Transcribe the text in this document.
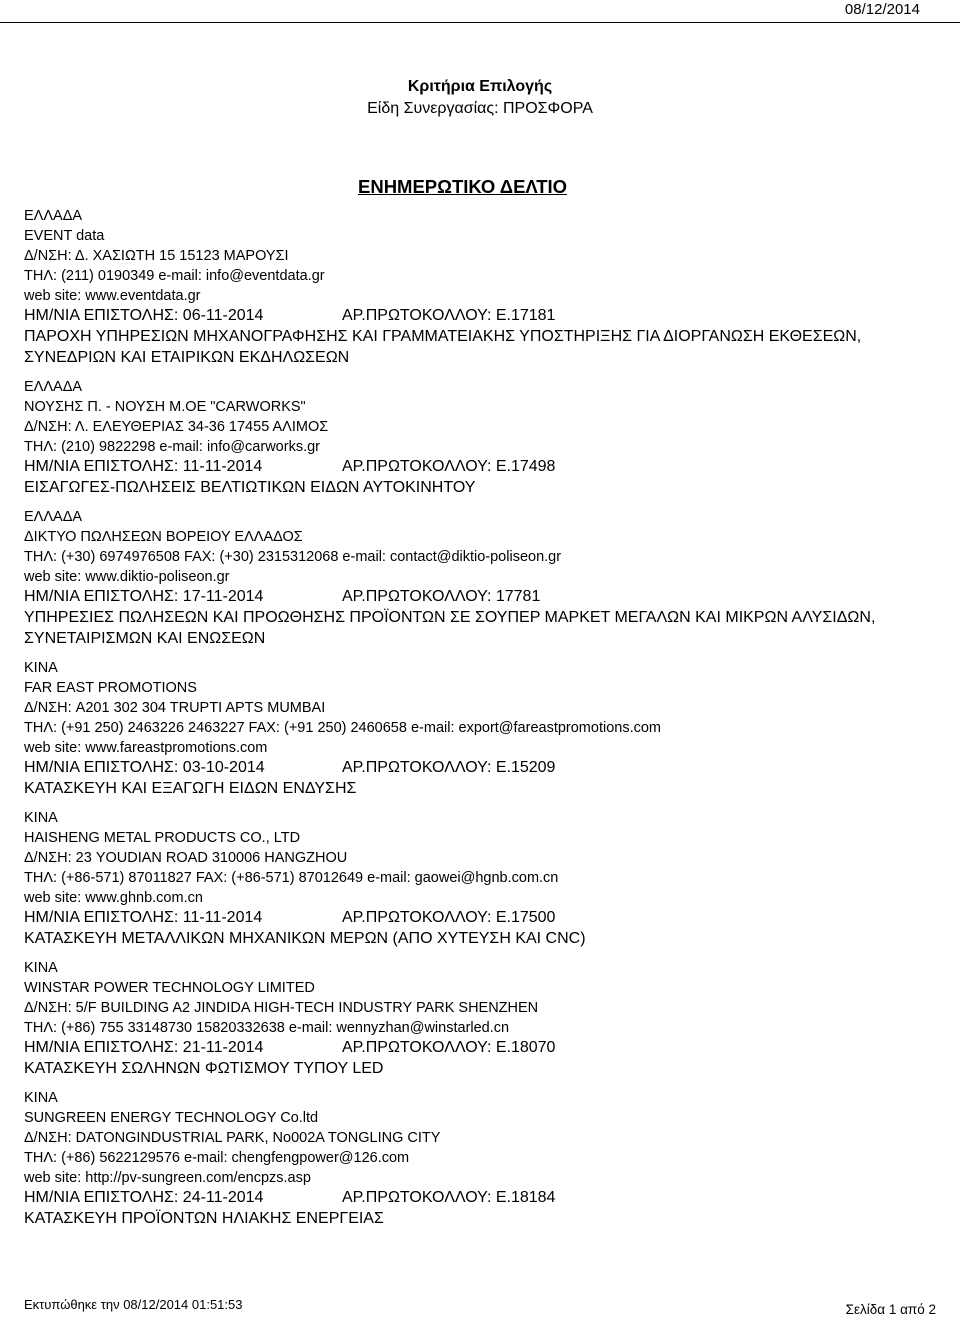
08/12/2014
Κριτήρια Επιλογής
Είδη Συνεργασίας: ΠΡΟΣΦΟΡΑ
ΕΝΗΜΕΡΩΤΙΚΟ ΔΕΛΤΙΟ
ΕΛΛΑΔΑ
EVENT data
Δ/ΝΣΗ: Δ. ΧΑΣΙΩΤΗ 15 15123 ΜΑΡΟΥΣΙ
ΤΗΛ: (211) 0190349 e-mail: info@eventdata.gr
web site: www.eventdata.gr
ΗΜ/ΝΙΑ ΕΠΙΣΤΟΛΗΣ: 06-11-2014	ΑΡ.ΠΡΩΤΟΚΟΛΛΟΥ: Ε.17181
ΠΑΡΟΧΗ ΥΠΗΡΕΣΙΩΝ ΜΗΧΑΝΟΓΡΑΦΗΣΗΣ ΚΑΙ ΓΡΑΜΜΑΤΕΙΑΚΗΣ ΥΠΟΣΤΗΡΙΞΗΣ ΓΙΑ ΔΙΟΡΓΑΝΩΣΗ ΕΚΘΕΣΕΩΝ, ΣΥΝΕΔΡΙΩΝ ΚΑΙ ΕΤΑΙΡΙΚΩΝ ΕΚΔΗΛΩΣΕΩΝ
ΕΛΛΑΔΑ
ΝΟΥΣΗΣ Π. - ΝΟΥΣΗ Μ.ΟΕ "CARWORKS"
Δ/ΝΣΗ: Λ. ΕΛΕΥΘΕΡΙΑΣ 34-36 17455 ΑΛΙΜΟΣ
ΤΗΛ: (210) 9822298 e-mail: info@carworks.gr
ΗΜ/ΝΙΑ ΕΠΙΣΤΟΛΗΣ: 11-11-2014	ΑΡ.ΠΡΩΤΟΚΟΛΛΟΥ: Ε.17498
ΕΙΣΑΓΩΓΕΣ-ΠΩΛΗΣΕΙΣ ΒΕΛΤΙΩΤΙΚΩΝ ΕΙΔΩΝ ΑΥΤΟΚΙΝΗΤΟΥ
ΕΛΛΑΔΑ
ΔΙΚΤΥΟ ΠΩΛΗΣΕΩΝ ΒΟΡΕΙΟΥ ΕΛΛΑΔΟΣ
ΤΗΛ: (+30) 6974976508 FAX: (+30) 2315312068 e-mail: contact@diktio-poliseon.gr
web site: www.diktio-poliseon.gr
ΗΜ/ΝΙΑ ΕΠΙΣΤΟΛΗΣ: 17-11-2014	ΑΡ.ΠΡΩΤΟΚΟΛΛΟΥ: 17781
ΥΠΗΡΕΣΙΕΣ ΠΩΛΗΣΕΩΝ ΚΑΙ ΠΡΟΩΘΗΣΗΣ ΠΡΟΪΟΝΤΩΝ ΣΕ ΣΟΥΠΕΡ ΜΑΡΚΕΤ ΜΕΓΑΛΩΝ ΚΑΙ ΜΙΚΡΩΝ ΑΛΥΣΙΔΩΝ, ΣΥΝΕΤΑΙΡΙΣΜΩΝ ΚΑΙ ΕΝΩΣΕΩΝ
ΚΙΝΑ
FAR EAST PROMOTIONS
Δ/ΝΣΗ: A201 302 304 TRUPTI APTS MUMBAI
ΤΗΛ: (+91 250) 2463226 2463227 FAX: (+91 250) 2460658 e-mail: export@fareastpromotions.com
web site: www.fareastpromotions.com
ΗΜ/ΝΙΑ ΕΠΙΣΤΟΛΗΣ: 03-10-2014	ΑΡ.ΠΡΩΤΟΚΟΛΛΟΥ: Ε.15209
ΚΑΤΑΣΚΕΥΗ ΚΑΙ ΕΞΑΓΩΓΗ ΕΙΔΩΝ ΕΝΔΥΣΗΣ
ΚΙΝΑ
HAISHENG METAL PRODUCTS CO., LTD
Δ/ΝΣΗ: 23 YOUDIAN ROAD 310006 HANGZHOU
ΤΗΛ: (+86-571) 87011827 FAX: (+86-571) 87012649 e-mail: gaowei@hgnb.com.cn
web site: www.ghnb.com.cn
ΗΜ/ΝΙΑ ΕΠΙΣΤΟΛΗΣ: 11-11-2014	ΑΡ.ΠΡΩΤΟΚΟΛΛΟΥ: Ε.17500
ΚΑΤΑΣΚΕΥΗ ΜΕΤΑΛΛΙΚΩΝ ΜΗΧΑΝΙΚΩΝ ΜΕΡΩΝ (ΑΠΟ ΧΥΤΕΥΣΗ ΚΑΙ CNC)
ΚΙΝΑ
WINSTAR POWER TECHNOLOGY LIMITED
Δ/ΝΣΗ: 5/F BUILDING A2 JINDIDA HIGH-TECH INDUSTRY PARK SHENZHEN
ΤΗΛ: (+86) 755 33148730 15820332638 e-mail: wennyzhan@winstarled.cn
ΗΜ/ΝΙΑ ΕΠΙΣΤΟΛΗΣ: 21-11-2014	ΑΡ.ΠΡΩΤΟΚΟΛΛΟΥ: Ε.18070
ΚΑΤΑΣΚΕΥΗ ΣΩΛΗΝΩΝ ΦΩΤΙΣΜΟΥ ΤΥΠΟΥ LED
ΚΙΝΑ
SUNGREEN ENERGY TECHNOLOGY Co.ltd
Δ/ΝΣΗ: DATONGINDUSTRIAL PARK, No002A TONGLING CITY
ΤΗΛ: (+86) 5622129576 e-mail: chengfengpower@126.com
web site: http://pv-sungreen.com/encpzs.asp
ΗΜ/ΝΙΑ ΕΠΙΣΤΟΛΗΣ: 24-11-2014	ΑΡ.ΠΡΩΤΟΚΟΛΛΟΥ: Ε.18184
ΚΑΤΑΣΚΕΥΗ ΠΡΟΪΟΝΤΩΝ ΗΛΙΑΚΗΣ ΕΝΕΡΓΕΙΑΣ
Εκτυπώθηκε την 08/12/2014 01:51:53	Σελίδα 1 από 2
